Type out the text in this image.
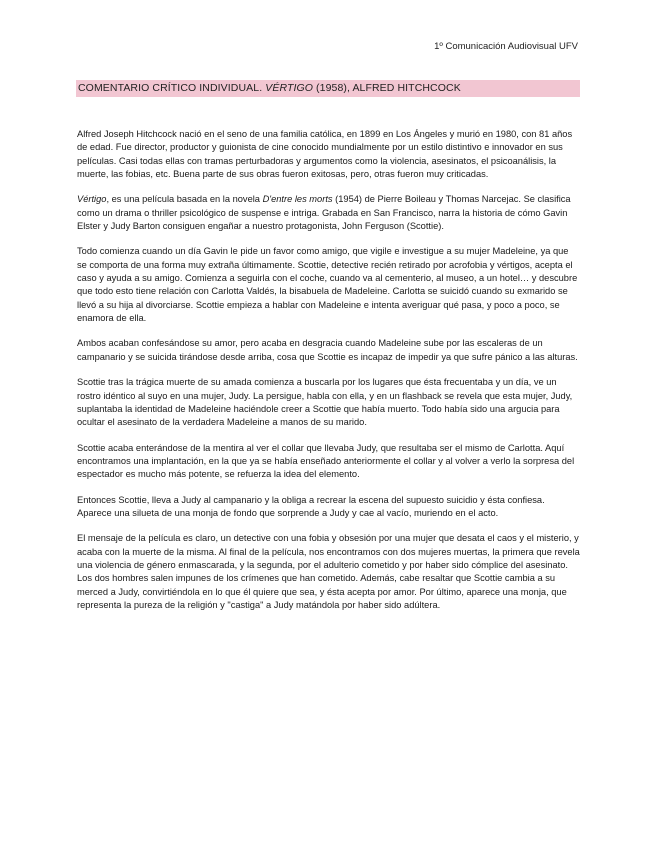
1º Comunicación Audiovisual UFV
COMENTARIO CRÍTICO INDIVIDUAL. VÉRTIGO (1958), ALFRED HITCHCOCK

Alfred Joseph Hitchcock nació en el seno de una familia católica, en 1899 en Los Ángeles y murió en 1980, con 81 años de edad. Fue director, productor y guionista de cine conocido mundialmente por un estilo distintivo e innovador en sus películas. Casi todas ellas con tramas perturbadoras y argumentos como la violencia, asesinatos, el psicoanálisis, la muerte, las fobias, etc. Buena parte de sus obras fueron exitosas, pero, otras fueron muy criticadas.

Vértigo, es una película basada en la novela D'entre les morts (1954) de Pierre Boileau y Thomas Narcejac. Se clasifica como un drama o thriller psicológico de suspense e intriga. Grabada en San Francisco, narra la historia de cómo Gavin Elster y Judy Barton consiguen engañar a nuestro protagonista, John Ferguson (Scottie).

Todo comienza cuando un día Gavin le pide un favor como amigo, que vigile e investigue a su mujer Madeleine, ya que se comporta de una forma muy extraña últimamente. Scottie, detective recién retirado por acrofobia y vértigos, acepta el caso y ayuda a su amigo. Comienza a seguirla con el coche, cuando va al cementerio, al museo, a un hotel… y descubre que todo esto tiene relación con Carlotta Valdés, la bisabuela de Madeleine. Carlotta se suicidó cuando su exmarido se llevó a su hija al divorciarse. Scottie empieza a hablar con Madeleine e intenta averiguar qué pasa, y poco a poco, se enamora de ella.

Ambos acaban confesándose su amor, pero acaba en desgracia cuando Madeleine sube por las escaleras de un campanario y se suicida tirándose desde arriba, cosa que Scottie es incapaz de impedir ya que sufre pánico a las alturas.

Scottie tras la trágica muerte de su amada comienza a buscarla por los lugares que ésta frecuentaba y un día, ve un rostro idéntico al suyo en una mujer, Judy. La persigue, habla con ella, y en un flashback se revela que esta mujer, Judy, suplantaba la identidad de Madeleine haciéndole creer a Scottie que había muerto. Todo había sido una argucia para ocultar el asesinato de la verdadera Madeleine a manos de su marido.

Scottie acaba enterándose de la mentira al ver el collar que llevaba Judy, que resultaba ser el mismo de Carlotta. Aquí encontramos una implantación, en la que ya se había enseñado anteriormente el collar y al volver a verlo la sorpresa del espectador es mucho más potente, se refuerza la idea del elemento.

Entonces Scottie, lleva a Judy al campanario y la obliga a recrear la escena del supuesto suicidio y ésta confiesa. Aparece una silueta de una monja de fondo que sorprende a Judy y cae al vacío, muriendo en el acto.

El mensaje de la película es claro, un detective con una fobia y obsesión por una mujer que desata el caos y el misterio, y acaba con la muerte de la misma. Al final de la película, nos encontramos con dos mujeres muertas, la primera que revela una violencia de género enmascarada, y la segunda, por el adulterio cometido y por haber sido cómplice del asesinato. Los dos hombres salen impunes de los crímenes que han cometido. Además, cabe resaltar que Scottie cambia a su merced a Judy, convirtiéndola en lo que él quiere que sea, y ésta acepta por amor. Por último, aparece una monja, que representa la pureza de la religión y "castiga" a Judy matándola por haber sido adúltera.
